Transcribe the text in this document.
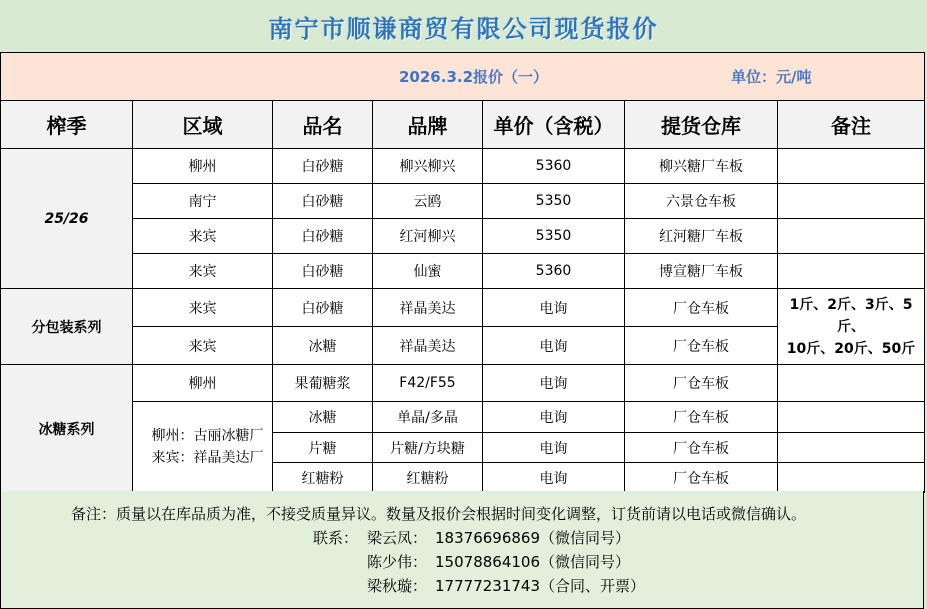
南宁市顺谦商贸有限公司现货报价
2026.3.2报价（一） 单位：元/吨						

榨季	区域	品名	品牌	单价（含税）	提货仓库	备注
25/26	柳州	白砂糖	柳兴柳兴	5360	柳兴糖厂车板	
	南宁	白砂糖	云鸥	5350	六景仓车板	
	来宾	白砂糖	红河柳兴	5350	红河糖厂车板	
	来宾	白砂糖	仙蜜	5360	博宣糖厂车板	
分包装系列	来宾	白砂糖	祥晶美达	电询	厂仓车板	1斤、2斤、3斤、5斤、
10斤、20斤、50斤

	来宾	冰糖	祥晶美达	电询	厂仓车板	
冰糖系列	柳州	果葡糖浆	F42/F55	电询	厂仓车板	

	柳州：古丽冰糖厂
来宾：祥晶美达厂	冰糖	单晶/多晶	电询	厂仓车板	
		片糖	片糖/方块糖	电询	厂仓车板	
		红糖粉	红糖粉	电询	厂仓车板	
备注：质量以在库品质为准，不接受质量异议。数量及报价会根据时间变化调整，订货前请以电话或微信确认。
联系： 梁云凤： 18376696869（微信同号）
陈少伟： 15078864106（微信同号）
梁秋璇： 17777231743（合同、开票）
